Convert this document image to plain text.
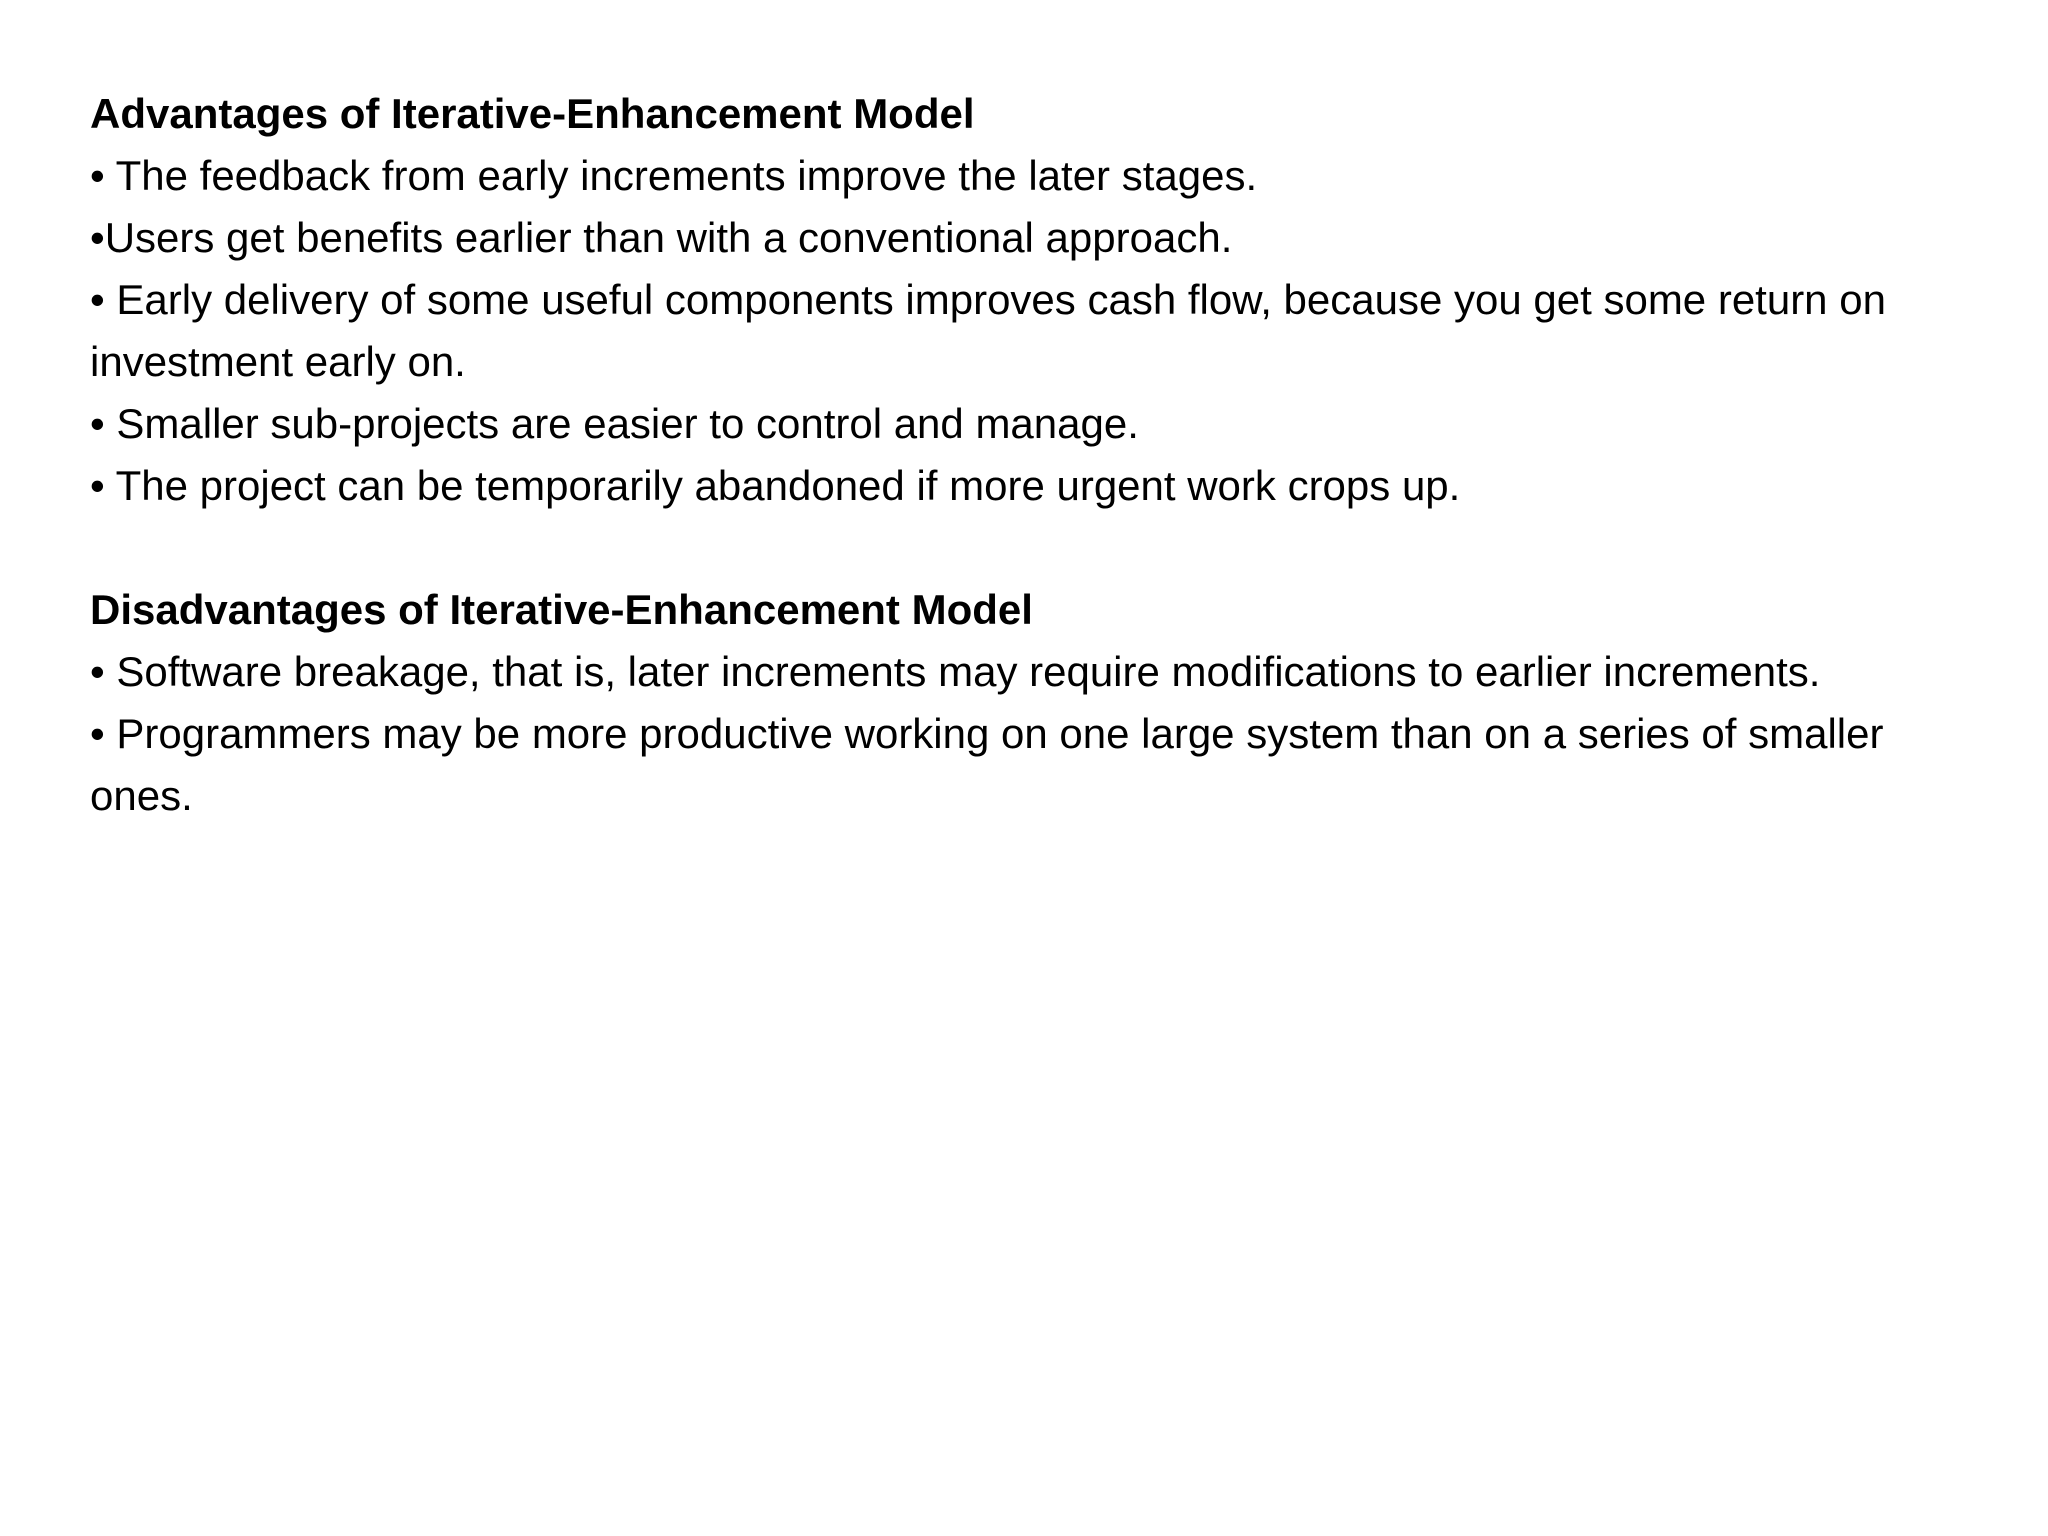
Advantages of Iterative-Enhancement Model

• The feedback from early increments improve the later stages.

•Users get benefits earlier than with a conventional approach.

• Early delivery of some useful components improves cash flow, because you get some return on investment early on.

• Smaller sub-projects are easier to control and manage.

• The project can be temporarily abandoned if more urgent work crops up.

Disadvantages of Iterative-Enhancement Model

• Software breakage, that is, later increments may require modifications to earlier increments.

• Programmers may be more productive working on one large system than on a series of smaller ones.
